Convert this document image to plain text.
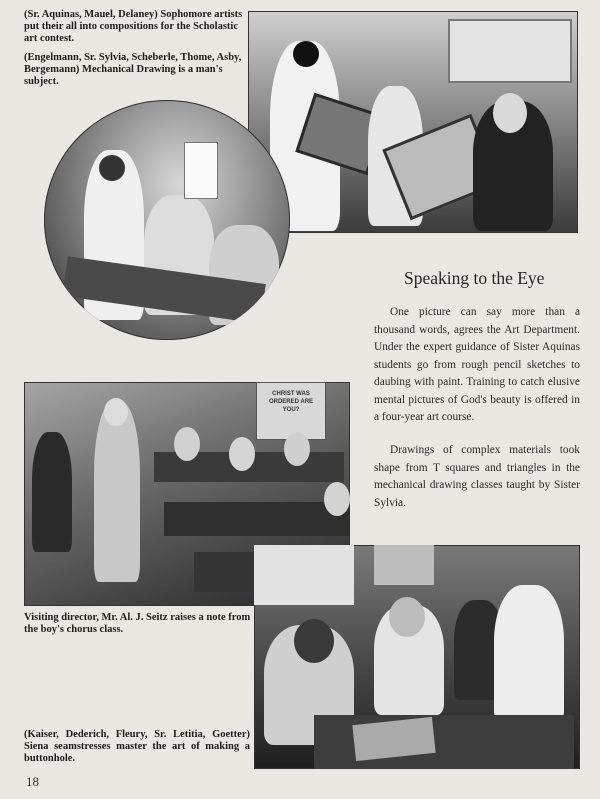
(Sr. Aquinas, Mauel, Delaney) Sophomore artists put their all into compositions for the Scholastic art contest.
(Engelmann, Sr. Sylvia, Scheberle, Thome, Asby, Bergemann) Mechanical Drawing is a man's subject.
Speaking to the Eye
One picture can say more than a thousand words, agrees the Art Department. Under the expert guidance of Sister Aquinas students go from rough pencil sketches to daubing with paint. Training to catch elusive mental pictures of God's beauty is offered in a four-year art course.
Drawings of complex materials took shape from T squares and triangles in the mechanical drawing classes taught by Sister Sylvia.
CHRIST WAS ORDERED ARE YOU?
Visiting director, Mr. Al. J. Seitz raises a note from the boy's chorus class.
(Kaiser, Dederich, Fleury, Sr. Letitia, Goetter) Siena seamstresses master the art of making a buttonhole.
18
